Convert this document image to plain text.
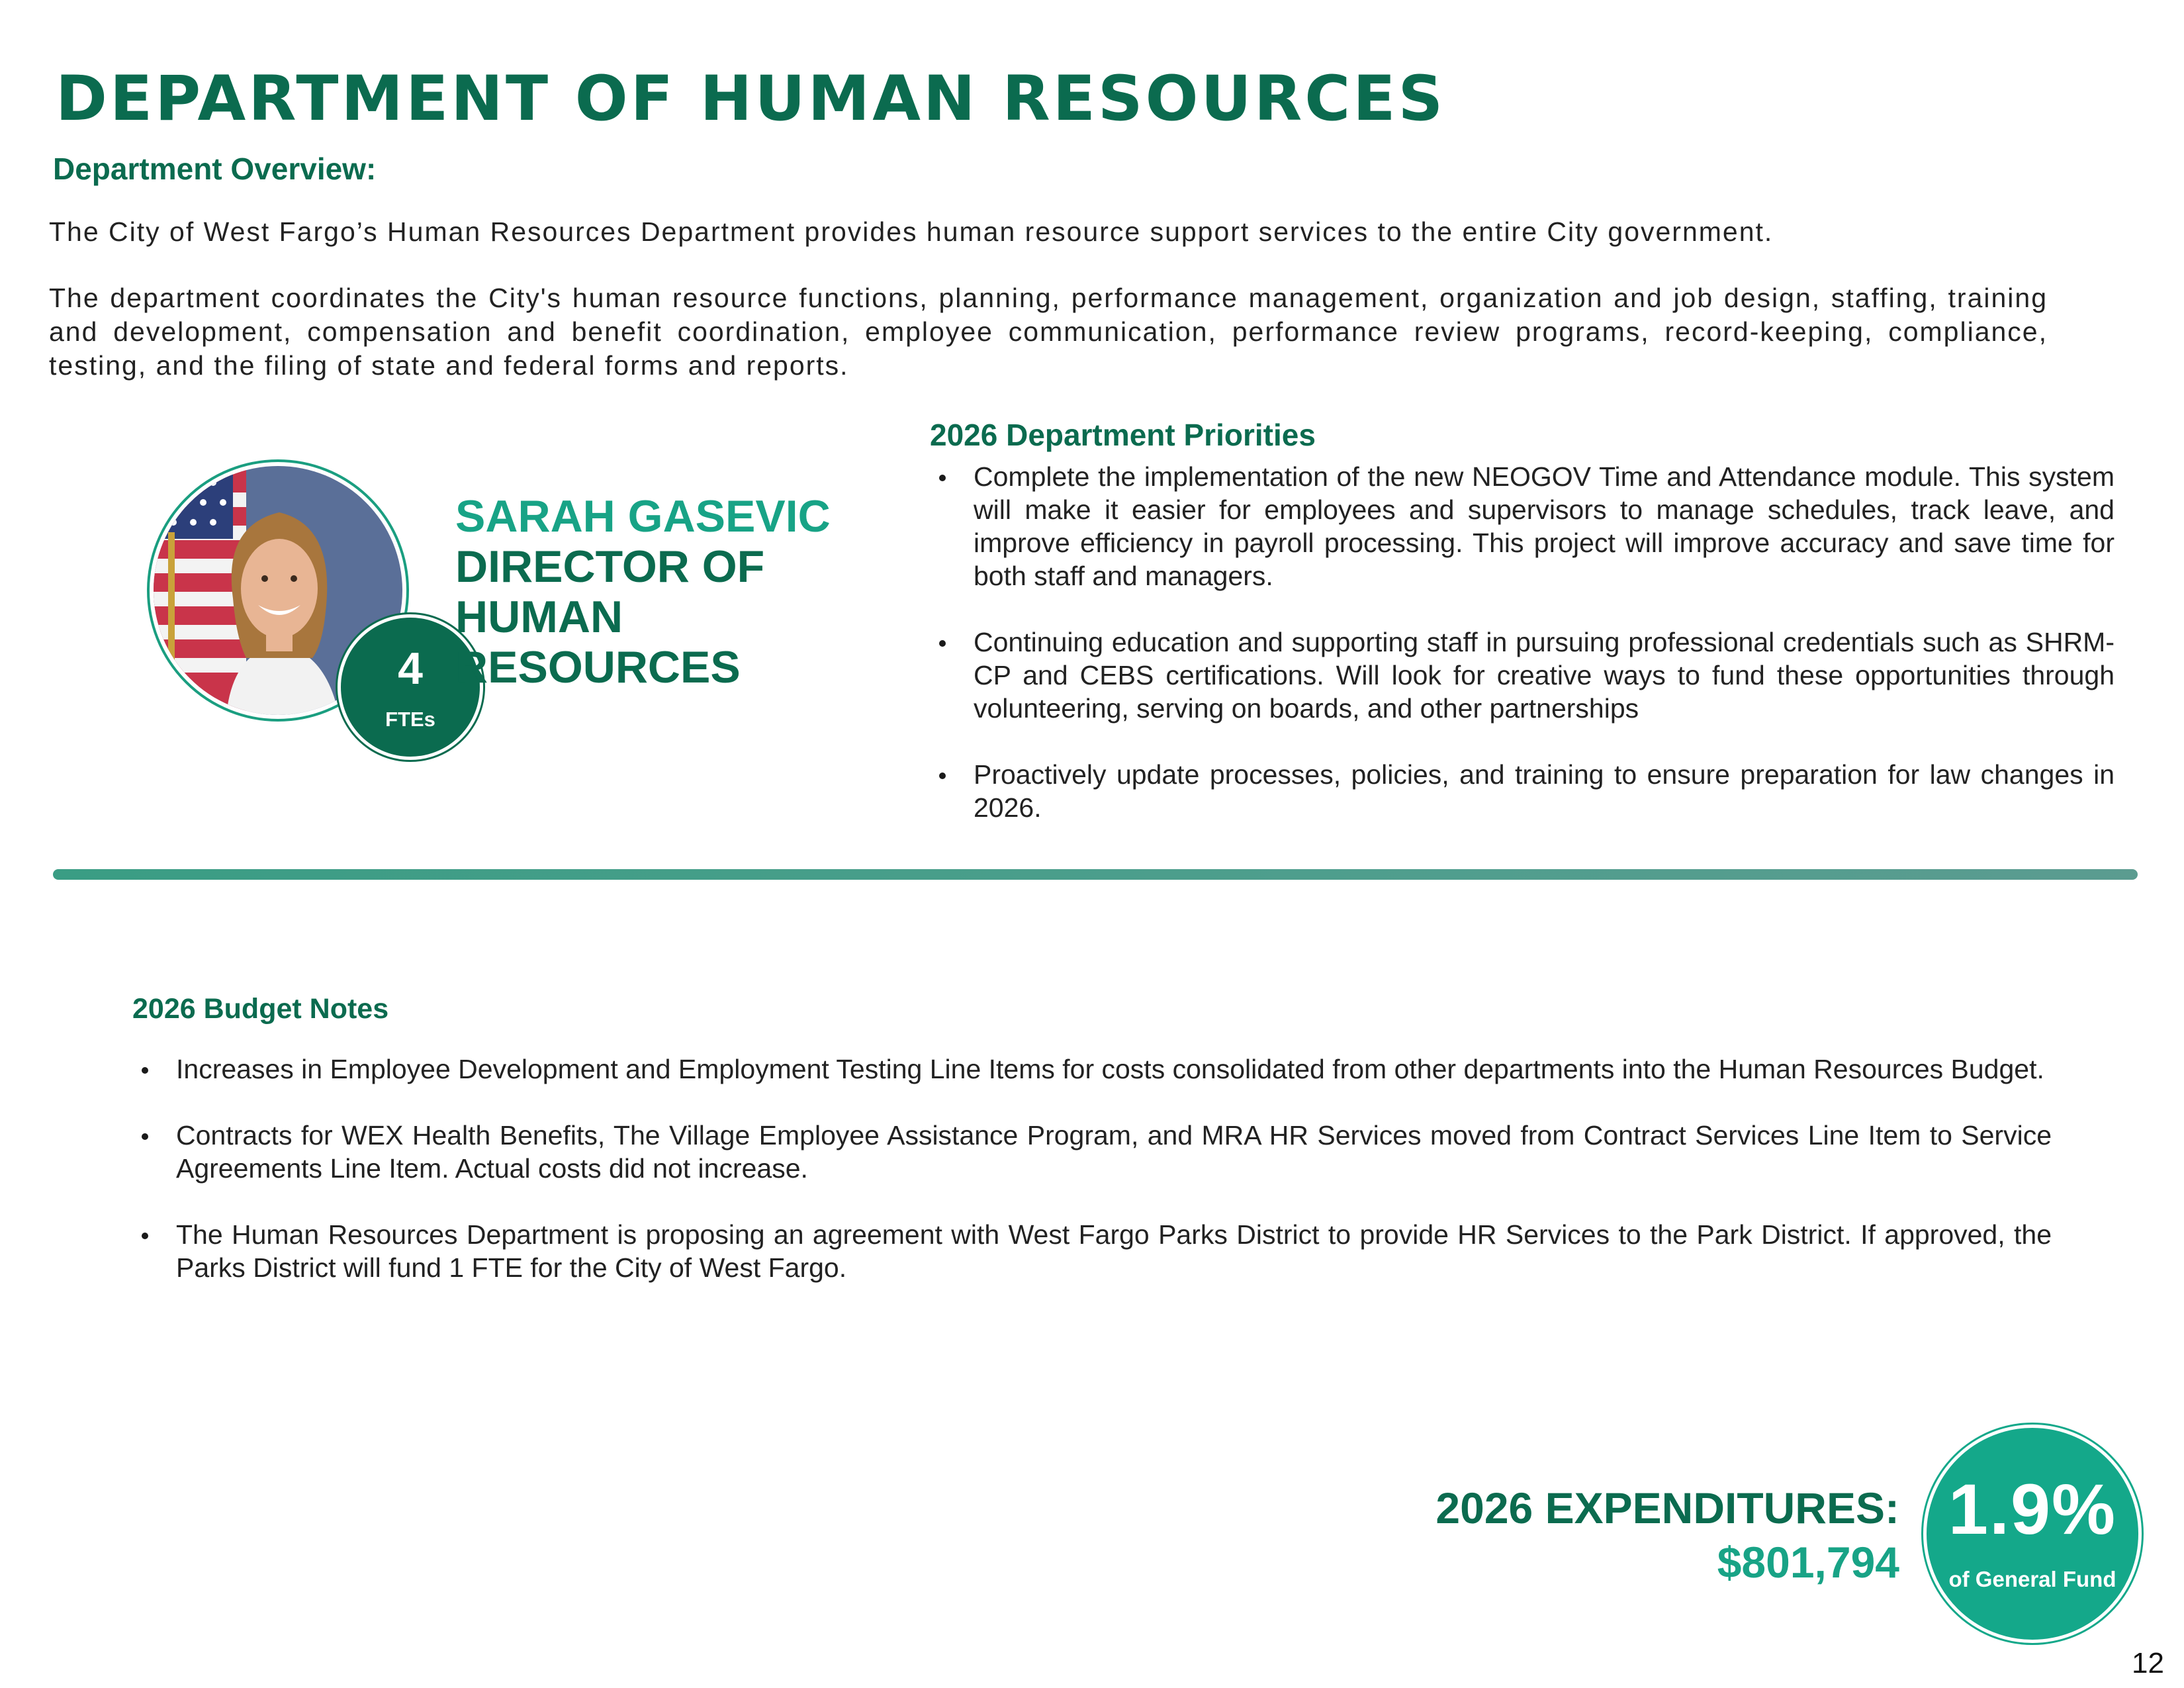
DEPARTMENT OF HUMAN RESOURCES
Department Overview:
The City of West Fargo’s Human Resources Department provides human resource support services to the entire City government.
The department coordinates the City's human resource functions, planning, performance management, organization and job design, staffing, training and development, compensation and benefit coordination, employee communication, performance review programs, record-keeping, compliance, testing, and the filing of state and federal forms and reports.
4
FTEs
SARAH GASEVIC
DIRECTOR OF HUMAN RESOURCES
2026 Department Priorities
Complete the implementation of the new NEOGOV Time and Attendance module. This system will make it easier for employees and supervisors to manage schedules, track leave, and improve efficiency in payroll processing. This project will improve accuracy and save time for both staff and managers.
Continuing education and supporting staff in pursuing professional credentials such as SHRM-CP and CEBS certifications. Will look for creative ways to fund these opportunities through volunteering, serving on boards, and other partnerships
Proactively update processes, policies, and training to ensure preparation for law changes in 2026.
2026 Budget Notes
Increases in Employee Development and Employment Testing Line Items for costs consolidated from other departments into the Human Resources Budget.
Contracts for WEX Health Benefits, The Village Employee Assistance Program, and MRA HR Services moved from Contract Services Line Item to Service Agreements Line Item. Actual costs did not increase.
The Human Resources Department is proposing an agreement with West Fargo Parks District to provide HR Services to the Park District. If approved, the Parks District will fund 1 FTE for the City of West Fargo.
2026 EXPENDITURES:
$801,794
1.9%
of General Fund
12
